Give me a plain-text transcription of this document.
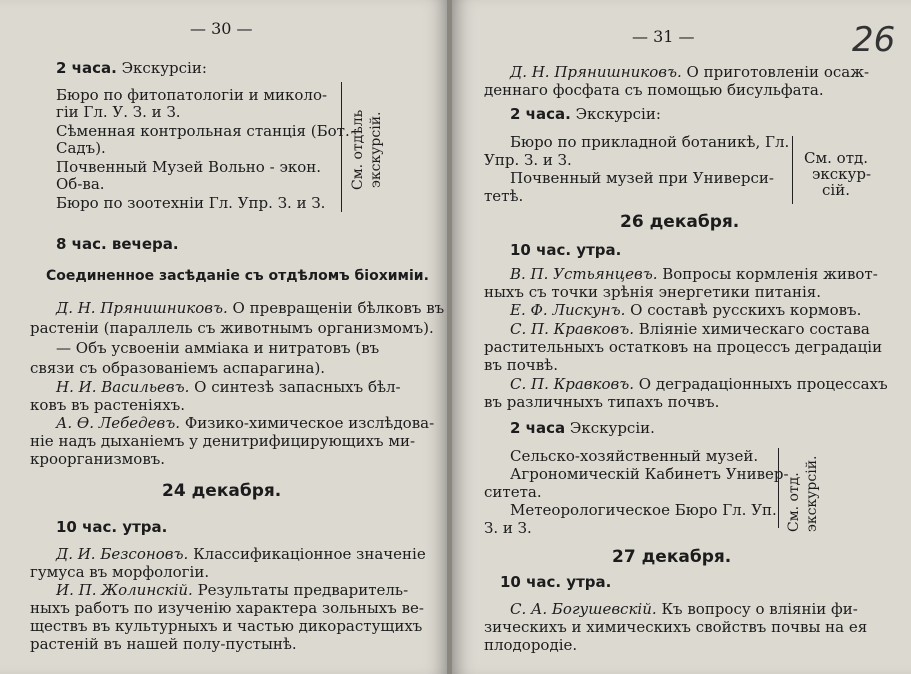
— 30 —
2 часа. Экскурсіи:
Бюро по фитопатологіи и миколо-
гіи Гл. У. З. и З.
Сѣменная контрольная станція (Бот.
Садъ).
Почвенный Музей Вольно - экон.
Об-ва.
Бюро по зоотехніи Гл. Упр. З. и З.
См. отдѣль экскурсій.
8 час. вечера.
Соединенное засѣданіе съ отдѣломъ біохиміи.
Д. Н. Прянишниковъ. О превращеніи бѣлковъ въ
растеніи (параллель съ животнымъ организмомъ).
— Объ усвоеніи аммiака и нитратовъ (въ
связи съ образованіемъ аспарагина).
Н. И. Васильевъ. О синтезѣ запасныхъ бѣл-
ковъ въ растеніяхъ.
А. Ѳ. Лебедевъ. Физико-химическое изслѣдова-
ніе надъ дыханіемъ у денитрифицирующихъ ми-
кроорганизмовъ.
24 декабря.
10 час. утра.
Д. И. Безсоновъ. Классификаціонное значеніе
гумуса въ морфологіи.
И. П. Жолинскій. Результаты предваритель-
ныхъ работъ по изученію характера зольныхъ ве-
ществъ въ культурныхъ и частью дикорастущихъ
растеній въ нашей полу-пустынѣ.
— 31 —	26
Д. Н. Прянишниковъ. О приготовленіи осаж-
деннаго фосфата съ помощью бисульфата.
2 часа. Экскурсіи:
Бюро по прикладной ботаникѣ, Гл.
Упр. З. и З.
Почвенный музей при Универси-
тетѣ.
См. отд.
экскур-
сій.
26 декабря.
10 час. утра.
В. П. Устьянцевъ. Вопросы кормленія живот-
ныхъ съ точки зрѣнія энергетики питанія.
Е. Ф. Лискунъ. О составѣ русскихъ кормовъ.
С. П. Кравковъ. Вліяніе химическаго состава
растительныхъ остатковъ на процессъ деградаціи
въ почвѣ.
С. П. Кравковъ. О деградаціонныхъ процессахъ
въ различныхъ типахъ почвъ.
2 часа Экскурсіи.
Сельско-хозяйственный музей.
Агрономическій Кабинетъ Универ-
ситета.
Метеорологическое Бюро Гл. Уп.
З. и З.	См. отд. экскурсій.
27 декабря.
10 час. утра.
С. А. Богушевскій. Къ вопросу о вліяніи фи-
зическихъ и химическихъ свойствъ почвы на ея
плодородіе.
